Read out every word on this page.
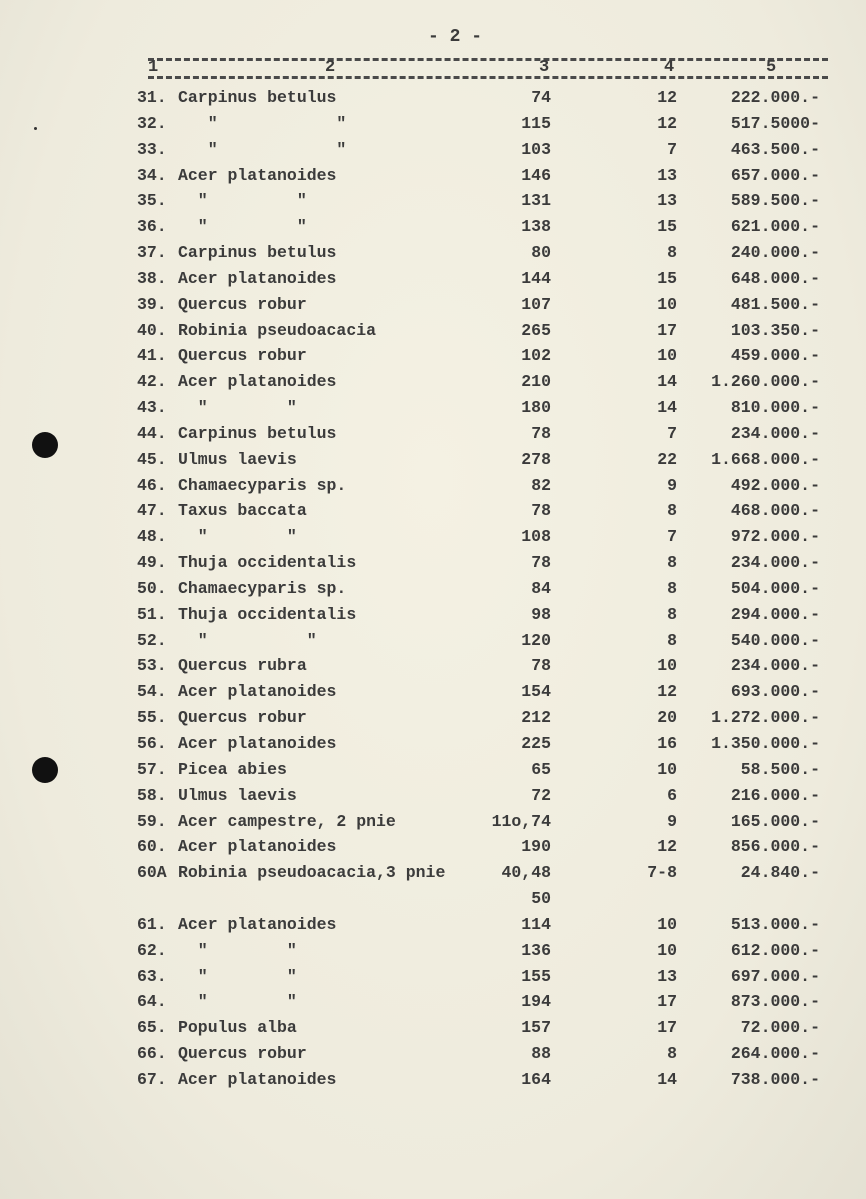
- 2 -
1	2	3	4	5
31. Carpinus betulus	74	12	222.000.-
32. "            "	115	12	517.5000-
33. "            "	103	7	463.500.-
34. Acer platanoides	146	13	657.000.-
35. "         "	131	13	589.500.-
36. "         "	138	15	621.000.-
37. Carpinus betulus	80	8	240.000.-
38. Acer platanoides	144	15	648.000.-
39. Quercus robur	107	10	481.500.-
40. Robinia pseudoacacia	265	17	103.350.-
41. Quercus robur	102	10	459.000.-
42. Acer platanoides	210	14 1.260.000.-
43. "        "	180	14	810.000.-
44. Carpinus betulus	78	7	234.000.-
45. Ulmus laevis	278	22 1.668.000.-
46. Chamaecyparis sp.	82	9	492.000.-
47. Taxus baccata	78	8	468.000.-
48. "        "	108	7	972.000.-
49. Thuja occidentalis	78	8	234.000.-
50. Chamaecyparis sp.	84	8	504.000.-
51. Thuja occidentalis	98	8	294.000.-
52. "          "	120	8	540.000.-
53. Quercus rubra	78	10	234.000.-
54. Acer platanoides	154	12	693.000.-
55. Quercus robur	212	20 1.272.000.-
56. Acer platanoides	225	16 1.350.000.-
57. Picea abies	65	10	58.500.-
58. Ulmus laevis	72	6	216.000.-
59. Acer campestre, 2 pnie	11o,74	9	165.000.-
60. Acer platanoides	190	12	856.000.-
60A Robinia pseudoacacia,3 pnie	40,48	7-8	24.840.-
50
61. Acer platanoides	114	10	513.000.-
62. "        "	136	10	612.000.-
63. "        "	155	13	697.000.-
64. "        "	194	17	873.000.-
65. Populus alba	157	17	72.000.-
66. Quercus robur	88	8	264.000.-
67. Acer platanoides	164	14	738.000.-
